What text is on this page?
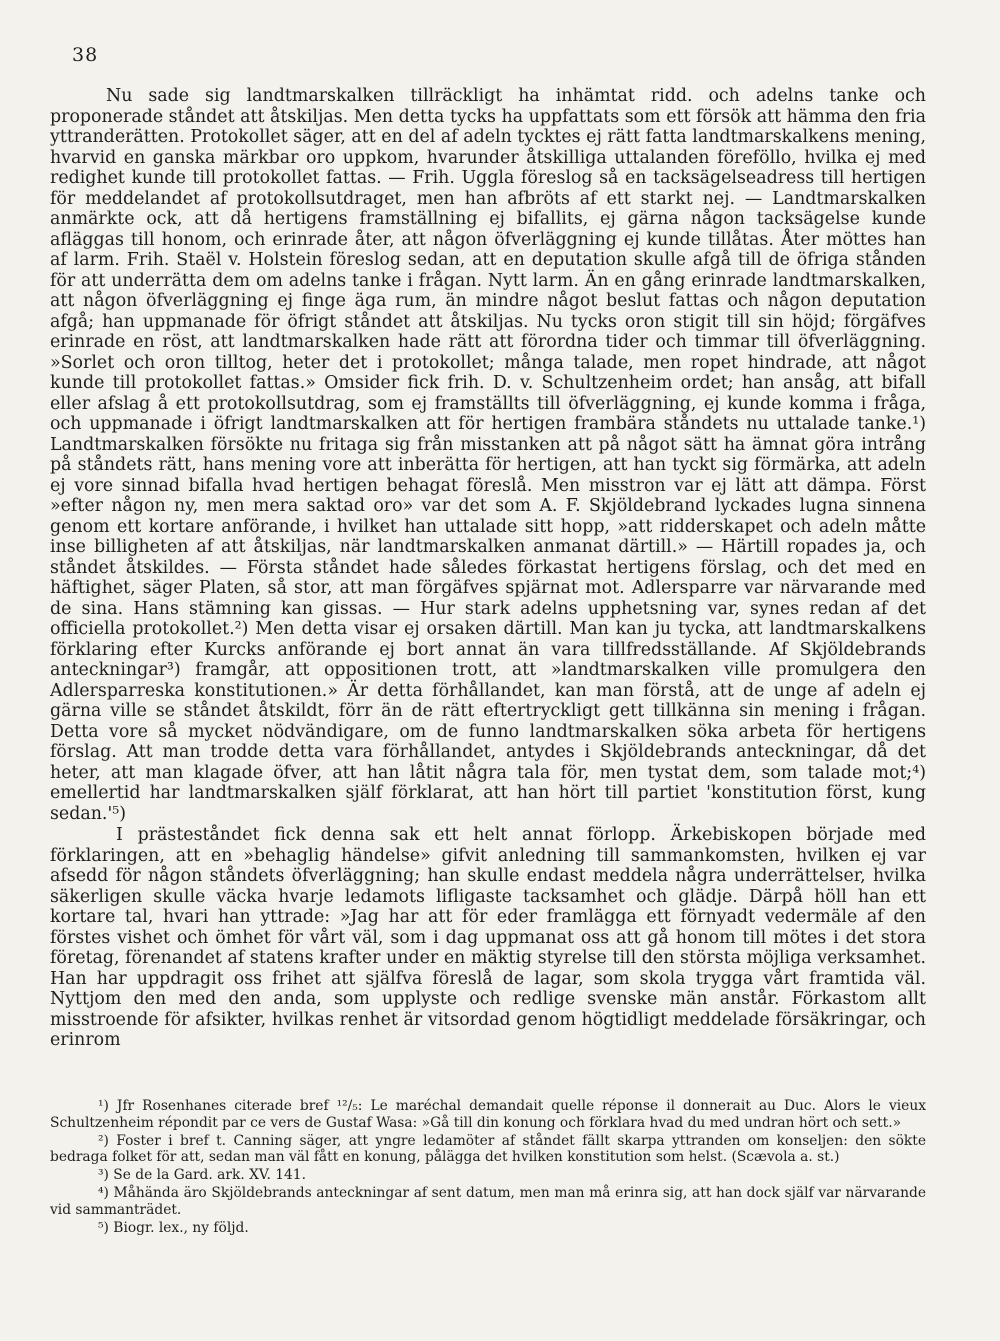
38

Nu sade sig landtmarskalken tillräckligt ha inhämtat ridd. och adelns tanke och proponerade ståndet att åtskiljas. Men detta tycks ha uppfattats som ett försök att hämma den fria yttranderätten. Protokollet säger, att en del af adeln tycktes ej rätt fatta landtmarskalkens mening, hvarvid en ganska märkbar oro uppkom, hvarunder åtskilliga uttalanden föreföllo, hvilka ej med redighet kunde till protokollet fattas. — Frih. Uggla föreslog så en tacksägelseadress till hertigen för meddelandet af protokollsutdraget, men han afbröts af ett starkt nej. — Landtmarskalken anmärkte ock, att då hertigens framställning ej bifallits, ej gärna någon tacksägelse kunde afläggas till honom, och erinrade åter, att någon öfverläggning ej kunde tillåtas. Åter möttes han af larm. Frih. Staël v. Holstein föreslog sedan, att en deputation skulle afgå till de öfriga stånden för att underrätta dem om adelns tanke i frågan. Nytt larm. Än en gång erinrade landtmarskalken, att någon öfverläggning ej finge äga rum, än mindre något beslut fattas och någon deputation afgå; han uppmanade för öfrigt ståndet att åtskiljas. Nu tycks oron stigit till sin höjd; förgäfves erinrade en röst, att landtmarskalken hade rätt att förordna tider och timmar till öfverläggning. »Sorlet och oron tilltog, heter det i protokollet; många talade, men ropet hindrade, att något kunde till protokollet fattas.» Omsider fick frih. D. v. Schultzenheim ordet; han ansåg, att bifall eller afslag å ett protokollsutdrag, som ej framställts till öfverläggning, ej kunde komma i fråga, och uppmanade i öfrigt landtmarskalken att för hertigen frambära ståndets nu uttalade tanke.¹) Landtmarskalken försökte nu fritaga sig från misstanken att på något sätt ha ämnat göra intrång på ståndets rätt, hans mening vore att inberätta för hertigen, att han tyckt sig förmärka, att adeln ej vore sinnad bifalla hvad hertigen behagat föreslå. Men misstron var ej lätt att dämpa. Först »efter någon ny, men mera saktad oro» var det som A. F. Skjöldebrand lyckades lugna sinnena genom ett kortare anförande, i hvilket han uttalade sitt hopp, »att ridderskapet och adeln måtte inse billigheten af att åtskiljas, när landtmarskalken anmanat därtill.» — Härtill ropades ja, och ståndet åtskildes. — Första ståndet hade således förkastat hertigens förslag, och det med en häftighet, säger Platen, så stor, att man förgäfves spjärnat mot. Adlersparre var närvarande med de sina. Hans stämning kan gissas. — Hur stark adelns upphetsning var, synes redan af det officiella protokollet.²) Men detta visar ej orsaken därtill. Man kan ju tycka, att landtmarskalkens förklaring efter Kurcks anförande ej bort annat än vara tillfredsställande. Af Skjöldebrands anteckningar³) framgår, att oppositionen trott, att »landtmarskalken ville promulgera den Adlersparreska konstitutionen.» Är detta förhållandet, kan man förstå, att de unge af adeln ej gärna ville se ståndet åtskildt, förr än de rätt eftertryckligt gett tillkänna sin mening i frågan. Detta vore så mycket nödvändigare, om de funno landtmarskalken söka arbeta för hertigens förslag. Att man trodde detta vara förhållandet, antydes i Skjöldebrands anteckningar, då det heter, att man klagade öfver, att han låtit några tala för, men tystat dem, som talade mot;⁴) emellertid har landtmarskalken själf förklarat, att han hört till partiet 'konstitution först, kung sedan.'⁵)

I prästeståndet fick denna sak ett helt annat förlopp. Ärkebiskopen började med förklaringen, att en »behaglig händelse» gifvit anledning till sammankomsten, hvilken ej var afsedd för någon ståndets öfverläggning; han skulle endast meddela några underrättelser, hvilka säkerligen skulle väcka hvarje ledamots lifligaste tacksamhet och glädje. Därpå höll han ett kortare tal, hvari han yttrade: »Jag har att för eder framlägga ett förnyadt vedermäle af den förstes vishet och ömhet för vårt väl, som i dag uppmanat oss att gå honom till mötes i det stora företag, förenandet af statens krafter under en mäktig styrelse till den största möjliga verksamhet. Han har uppdragit oss frihet att själfva föreslå de lagar, som skola trygga vårt framtida väl. Nyttjom den med den anda, som upplyste och redlige svenske män anstår. Förkastom allt misstroende för afsikter, hvilkas renhet är vitsordad genom högtidligt meddelade försäkringar, och erinrom

¹) Jfr Rosenhanes citerade bref ¹²/₅: Le maréchal demandait quelle réponse il donnerait au Duc. Alors le vieux Schultzenheim répondit par ce vers de Gustaf Wasa: »Gå till din konung och förklara hvad du med undran hört och sett.»

²) Foster i bref t. Canning säger, att yngre ledamöter af ståndet fällt skarpa yttranden om konseljen: den sökte bedraga folket för att, sedan man väl fått en konung, pålägga det hvilken konstitution som helst. (Scævola a. st.)

³) Se de la Gard. ark. XV. 141.

⁴) Måhända äro Skjöldebrands anteckningar af sent datum, men man må erinra sig, att han dock själf var närvarande vid sammanträdet.

⁵) Biogr. lex., ny följd.
